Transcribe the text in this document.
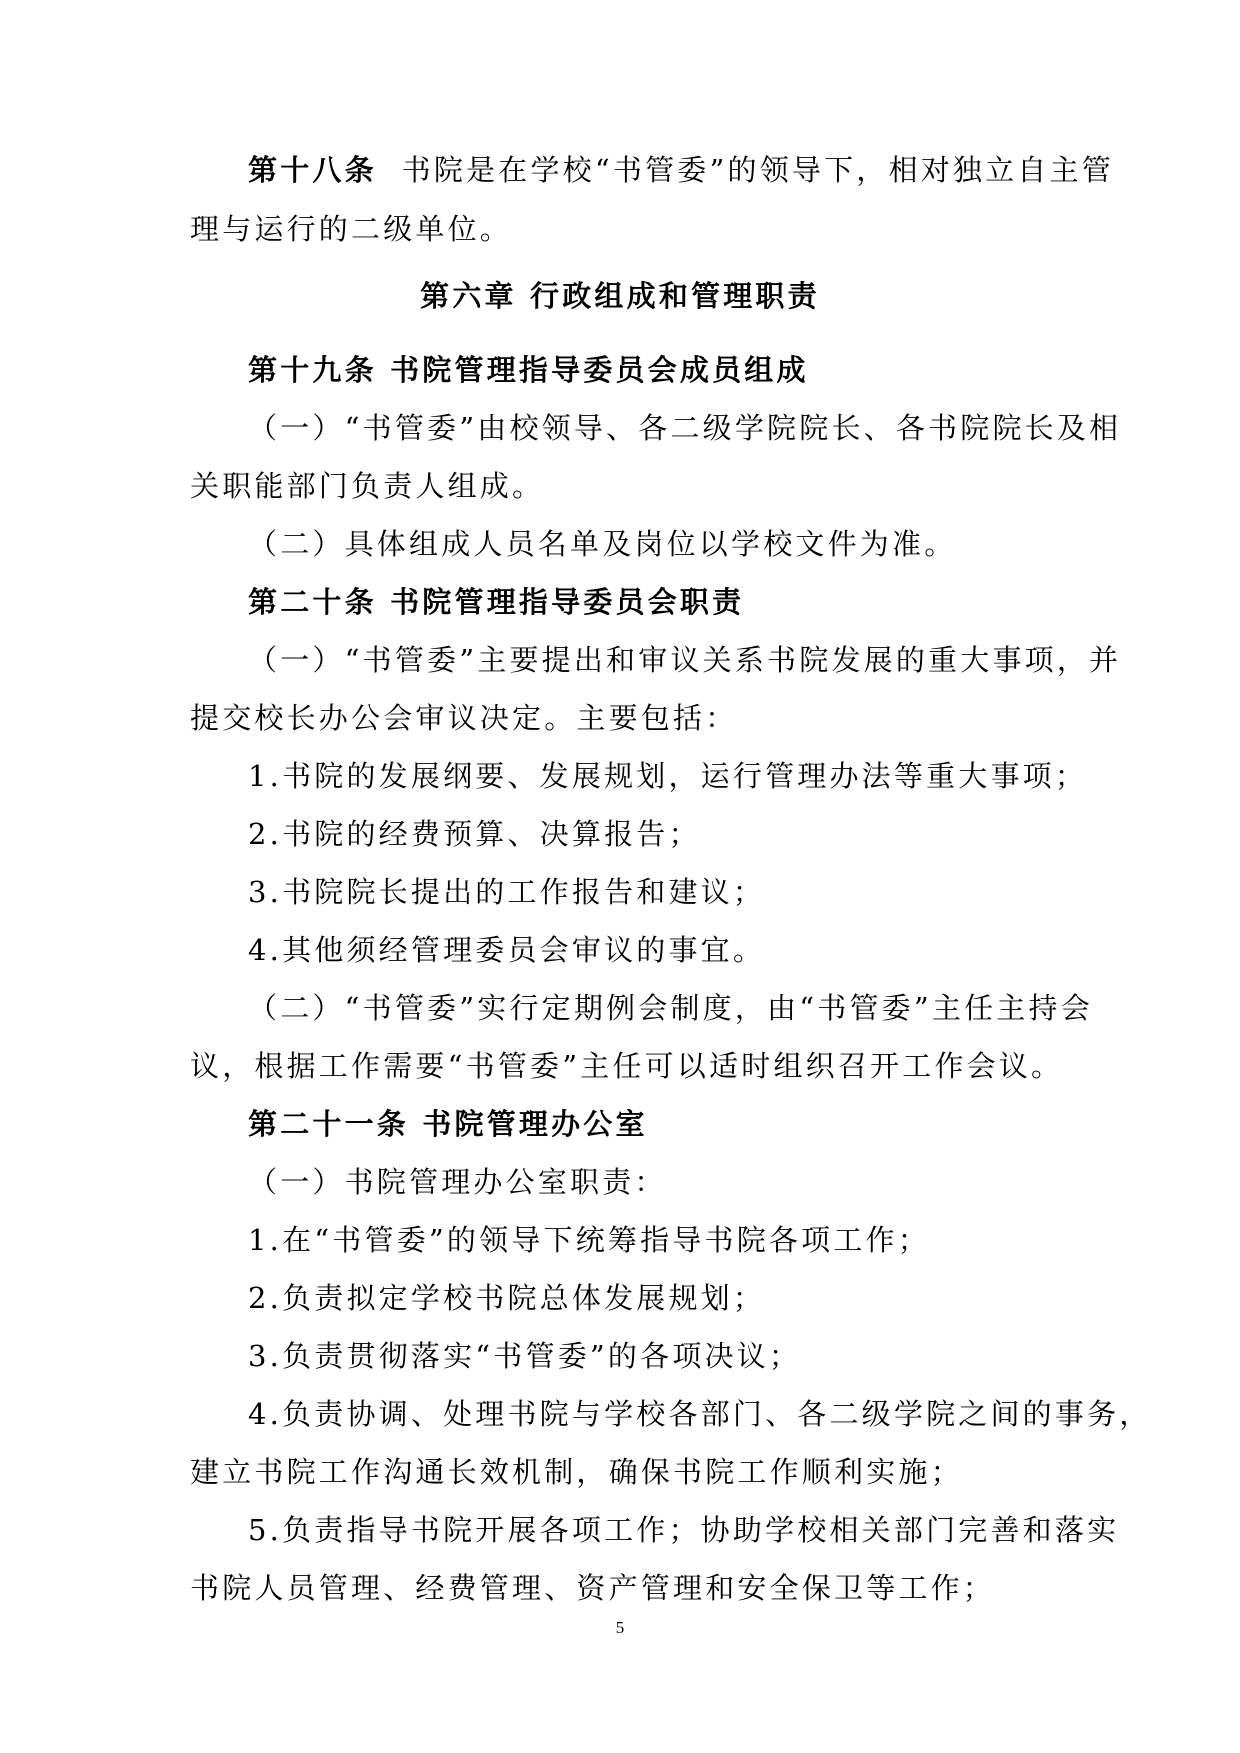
第十八条 书院是在学校“书管委”的领导下，相对独立自主管
理与运行的二级单位。
第六章 行政组成和管理职责
第十九条 书院管理指导委员会成员组成
（一）“书管委”由校领导、各二级学院院长、各书院院长及相
关职能部门负责人组成。
（二）具体组成人员名单及岗位以学校文件为准。
第二十条 书院管理指导委员会职责
（一）“书管委”主要提出和审议关系书院发展的重大事项，并
提交校长办公会审议决定。主要包括：
1.书院的发展纲要、发展规划，运行管理办法等重大事项；
2.书院的经费预算、决算报告；
3.书院院长提出的工作报告和建议；
4.其他须经管理委员会审议的事宜。
（二）“书管委”实行定期例会制度，由“书管委”主任主持会
议，根据工作需要“书管委”主任可以适时组织召开工作会议。
第二十一条 书院管理办公室
（一）书院管理办公室职责：
1.在“书管委”的领导下统筹指导书院各项工作；
2.负责拟定学校书院总体发展规划；
3.负责贯彻落实“书管委”的各项决议；
4.负责协调、处理书院与学校各部门、各二级学院之间的事务，
建立书院工作沟通长效机制，确保书院工作顺利实施；
5.负责指导书院开展各项工作；协助学校相关部门完善和落实
书院人员管理、经费管理、资产管理和安全保卫等工作；
5
